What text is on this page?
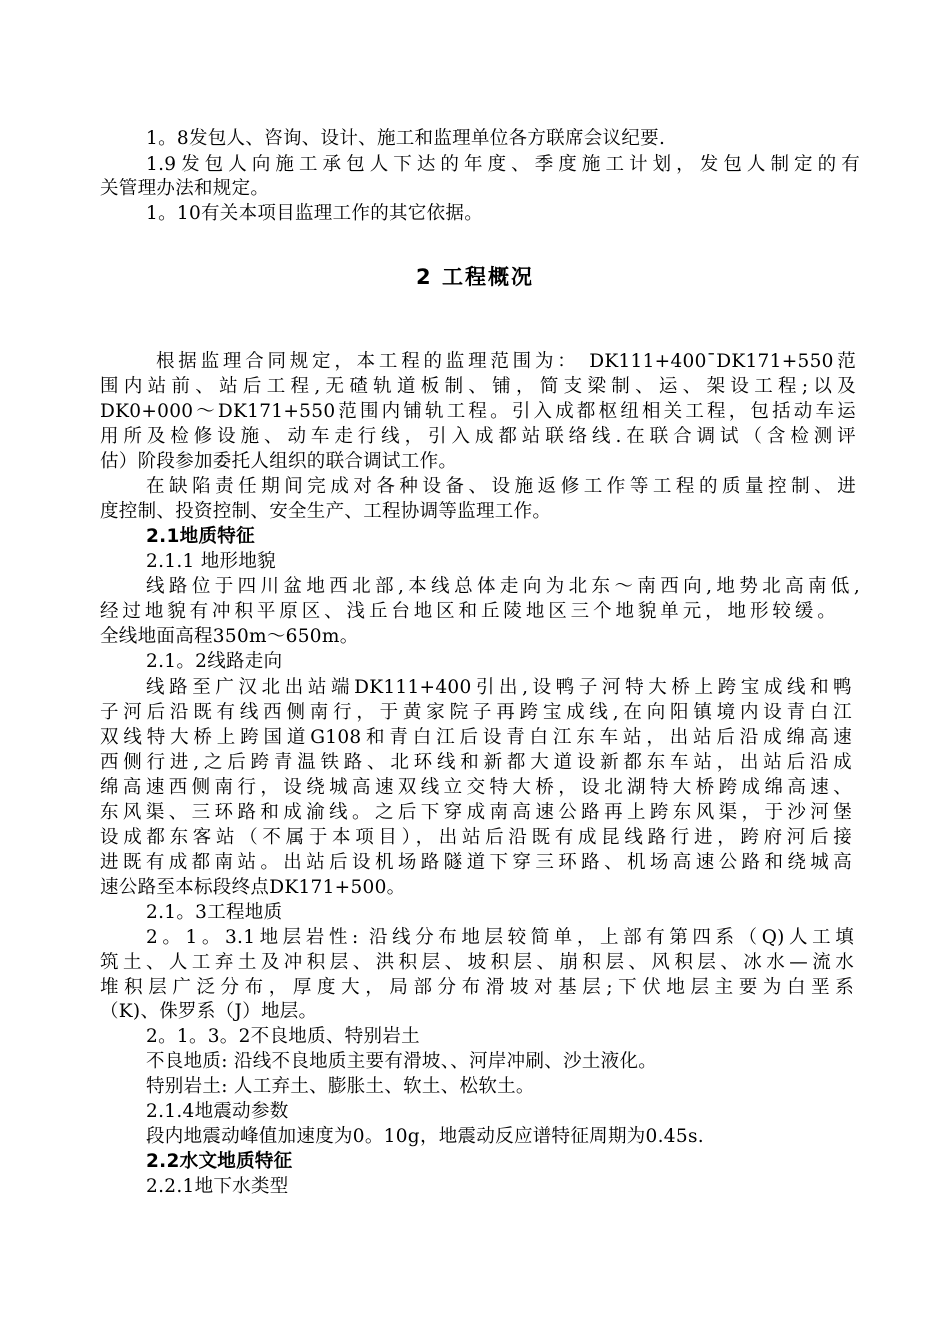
1。8发包人、咨询、设计、施工和监理单位各方联席会议纪要.
1.9发包人向施工承包人下达的年度、季度施工计划，发包人制定的有
关管理办法和规定。
1。10有关本项目监理工作的其它依据。
2 工程概况
根据监理合同规定，本工程的监理范围为： DK111+400¯DK171+550范
围内站前、站后工程,无碴轨道板制、铺，简支梁制、运、架设工程;以及
DK0+000～DK171+550范围内铺轨工程。引入成都枢纽相关工程，包括动车运
用所及检修设施、动车走行线，引入成都站联络线.在联合调试（含检测评
估）阶段参加委托人组织的联合调试工作。
在缺陷责任期间完成对各种设备、设施返修工作等工程的质量控制、进
度控制、投资控制、安全生产、工程协调等监理工作。
2.1地质特征
2.1.1 地形地貌
线路位于四川盆地西北部,本线总体走向为北东～南西向,地势北高南低,
经过地貌有冲积平原区、浅丘台地区和丘陵地区三个地貌单元，地形较缓。
全线地面高程350m～650m。
2.1。2线路走向
线路至广汉北出站端DK111+400引出,设鸭子河特大桥上跨宝成线和鸭
子河后沿既有线西侧南行，于黄家院子再跨宝成线,在向阳镇境内设青白江
双线特大桥上跨国道G108和青白江后设青白江东车站，出站后沿成绵高速
西侧行进,之后跨青温铁路、北环线和新都大道设新都东车站，出站后沿成
绵高速西侧南行，设绕城高速双线立交特大桥，设北湖特大桥跨成绵高速、
东风渠、三环路和成渝线。之后下穿成南高速公路再上跨东风渠，于沙河堡
设成都东客站（不属于本项目），出站后沿既有成昆线路行进，跨府河后接
进既有成都南站。出站后设机场路隧道下穿三环路、机场高速公路和绕城高
速公路至本标段终点DK171+500。
2.1。3工程地质
2。1。3.1地层岩性: 沿线分布地层较简单，上部有第四系（Q)人工填
筑土、人工弃土及冲积层、洪积层、坡积层、崩积层、风积层、冰水—流水
堆积层广泛分布，厚度大，局部分布滑坡对基层;下伏地层主要为白垩系
（K)、侏罗系（J）地层。
2。1。3。2不良地质、特别岩土
不良地质: 沿线不良地质主要有滑坡、、河岸冲刷、沙土液化。
特别岩土: 人工弃土、膨胀土、软土、松软土。
2.1.4地震动参数
段内地震动峰值加速度为0。10g，地震动反应谱特征周期为0.45s.
2.2水文地质特征
2.2.1地下水类型
